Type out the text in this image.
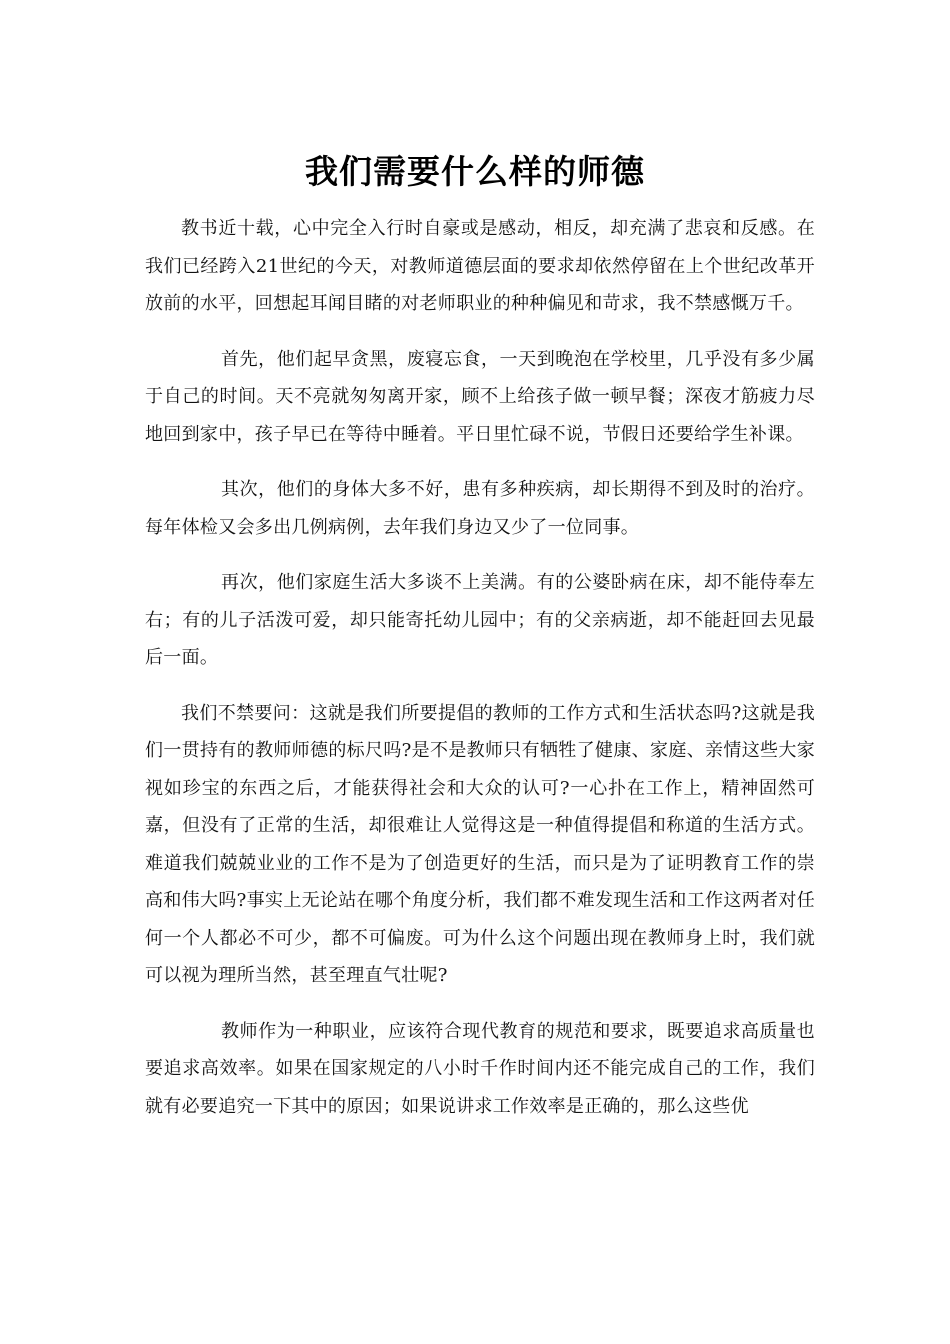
我们需要什么样的师德

教书近十载，心中完全入行时自豪或是感动，相反，却充满了悲哀和反感。在我们已经跨入21世纪的今天，对教师道德层面的要求却依然停留在上个世纪改革开放前的水平，回想起耳闻目睹的对老师职业的种种偏见和苛求，我不禁感慨万千。

首先，他们起早贪黑，废寝忘食，一天到晚泡在学校里，几乎没有多少属于自己的时间。天不亮就匆匆离开家，顾不上给孩子做一顿早餐；深夜才筋疲力尽地回到家中，孩子早已在等待中睡着。平日里忙碌不说，节假日还要给学生补课。

其次，他们的身体大多不好，患有多种疾病，却长期得不到及时的治疗。每年体检又会多出几例病例，去年我们身边又少了一位同事。

再次，他们家庭生活大多谈不上美满。有的公婆卧病在床，却不能侍奉左右；有的儿子活泼可爱，却只能寄托幼儿园中；有的父亲病逝，却不能赶回去见最后一面。

我们不禁要问：这就是我们所要提倡的教师的工作方式和生活状态吗?这就是我们一贯持有的教师师德的标尺吗?是不是教师只有牺牲了健康、家庭、亲情这些大家视如珍宝的东西之后，才能获得社会和大众的认可?一心扑在工作上，精神固然可嘉，但没有了正常的生活，却很难让人觉得这是一种值得提倡和称道的生活方式。难道我们兢兢业业的工作不是为了创造更好的生活，而只是为了证明教育工作的崇高和伟大吗?事实上无论站在哪个角度分析，我们都不难发现生活和工作这两者对任何一个人都必不可少，都不可偏废。可为什么这个问题出现在教师身上时，我们就可以视为理所当然，甚至理直气壮呢?

教师作为一种职业，应该符合现代教育的规范和要求，既要追求高质量也要追求高效率。如果在国家规定的八小时千作时间内还不能完成自己的工作，我们就有必要追究一下其中的原因；如果说讲求工作效率是正确的，那么这些优
